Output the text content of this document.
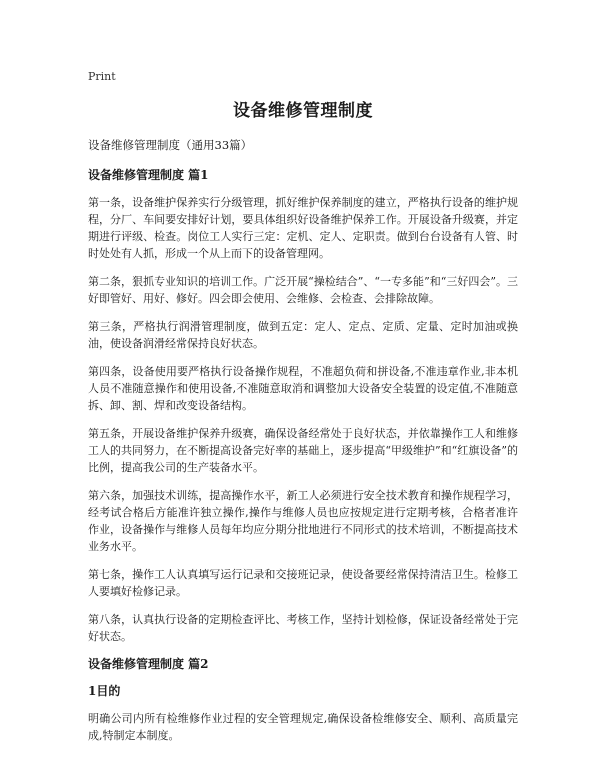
Print
设备维修管理制度
设备维修管理制度（通用33篇）
设备维修管理制度 篇1

第一条，设备维护保养实行分级管理，抓好维护保养制度的建立，严格执行设备的维护规程，分厂、车间要安排好计划，要具体组织好设备维护保养工作。开展设备升级赛，并定期进行评级、检查。岗位工人实行三定：定机、定人、定职责。做到台台设备有人管、时时处处有人抓，形成一个从上而下的设备管理网。

第二条，狠抓专业知识的培训工作。广泛开展“操检结合”、“一专多能”和“三好四会”。三好即管好、用好、修好。四会即会使用、会维修、会检查、会排除故障。

第三条，严格执行润滑管理制度，做到五定：定人、定点、定质、定量、定时加油或换油，使设备润滑经常保持良好状态。

第四条，设备使用要严格执行设备操作规程，不准超负荷和拼设备,不准违章作业,非本机人员不准随意操作和使用设备,不准随意取消和调整加大设备安全装置的设定值,不准随意拆、卸、割、焊和改变设备结构。

第五条，开展设备维护保养升级赛，确保设备经常处于良好状态，并依靠操作工人和维修工人的共同努力，在不断提高设备完好率的基础上，逐步提高“甲级维护”和“红旗设备”的比例，提高我公司的生产装备水平。

第六条，加强技术训练，提高操作水平，新工人必须进行安全技术教育和操作规程学习，经考试合格后方能准许独立操作,操作与维修人员也应按规定进行定期考核，合格者准许作业，设备操作与维修人员每年均应分期分批地进行不同形式的技术培训，不断提高技术业务水平。

第七条，操作工人认真填写运行记录和交接班记录，使设备要经常保持清洁卫生。检修工人要填好检修记录。

第八条，认真执行设备的定期检查评比、考核工作，坚持计划检修，保证设备经常处于完好状态。

设备维修管理制度 篇2
1目的

明确公司内所有检维修作业过程的安全管理规定,确保设备检维修安全、顺利、高质量完成,特制定本制度。
